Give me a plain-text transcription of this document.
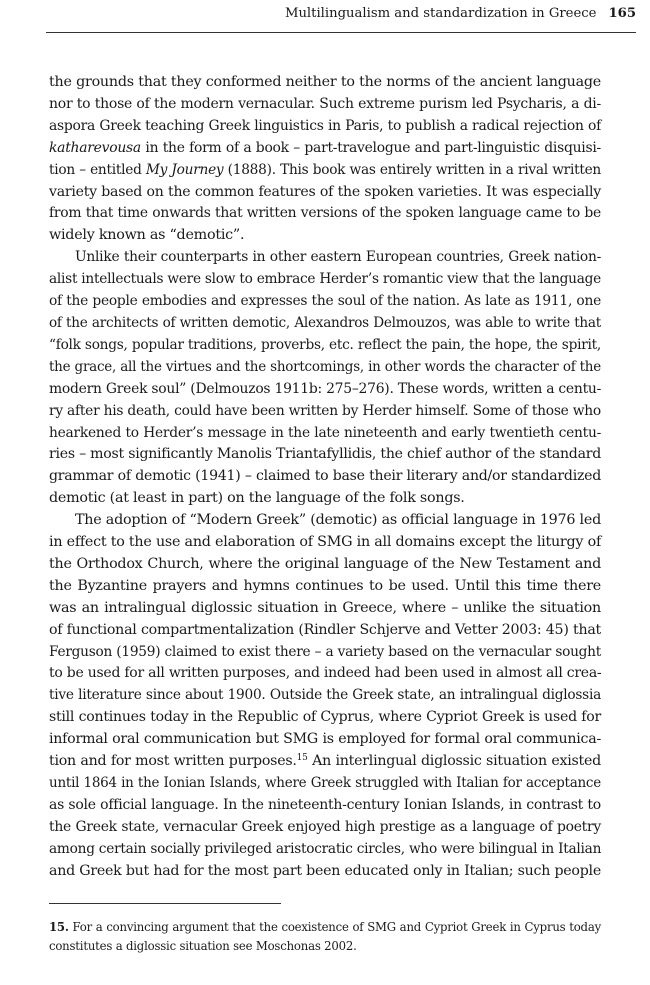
Multilingualism and standardization in Greece 165
the grounds that they conformed neither to the norms of the ancient language
nor to those of the modern vernacular. Such extreme purism led Psycharis, a di-
aspora Greek teaching Greek linguistics in Paris, to publish a radical rejection of
katharevousa in the form of a book – part-travelogue and part-linguistic disquisi-
tion – entitled My Journey (1888). This book was entirely written in a rival written
variety based on the common features of the spoken varieties. It was especially
from that time onwards that written versions of the spoken language came to be
widely known as “demotic”.
Unlike their counterparts in other eastern European countries, Greek nation-
alist intellectuals were slow to embrace Herder’s romantic view that the language
of the people embodies and expresses the soul of the nation. As late as 1911, one
of the architects of written demotic, Alexandros Delmouzos, was able to write that
“folk songs, popular traditions, proverbs, etc. reflect the pain, the hope, the spirit,
the grace, all the virtues and the shortcomings, in other words the character of the
modern Greek soul” (Delmouzos 1911b: 275–276). These words, written a centu-
ry after his death, could have been written by Herder himself. Some of those who
hearkened to Herder’s message in the late nineteenth and early twentieth centu-
ries – most significantly Manolis Triantafyllidis, the chief author of the standard
grammar of demotic (1941) – claimed to base their literary and/or standardized
demotic (at least in part) on the language of the folk songs.
The adoption of “Modern Greek” (demotic) as official language in 1976 led
in effect to the use and elaboration of SMG in all domains except the liturgy of
the Orthodox Church, where the original language of the New Testament and
the Byzantine prayers and hymns continues to be used. Until this time there
was an intralingual diglossic situation in Greece, where – unlike the situation
of functional compartmentalization (Rindler Schjerve and Vetter 2003: 45) that
Ferguson (1959) claimed to exist there – a variety based on the vernacular sought
to be used for all written purposes, and indeed had been used in almost all crea-
tive literature since about 1900. Outside the Greek state, an intralingual diglossia
still continues today in the Republic of Cyprus, where Cypriot Greek is used for
informal oral communication but SMG is employed for formal oral communica-
tion and for most written purposes.$^{15}$ An interlingual diglossic situation existed
until 1864 in the Ionian Islands, where Greek struggled with Italian for acceptance
as sole official language. In the nineteenth-century Ionian Islands, in contrast to
the Greek state, vernacular Greek enjoyed high prestige as a language of poetry
among certain socially privileged aristocratic circles, who were bilingual in Italian
and Greek but had for the most part been educated only in Italian; such people
15. For a convincing argument that the coexistence of SMG and Cypriot Greek in Cyprus today
constitutes a diglossic situation see Moschonas 2002.
